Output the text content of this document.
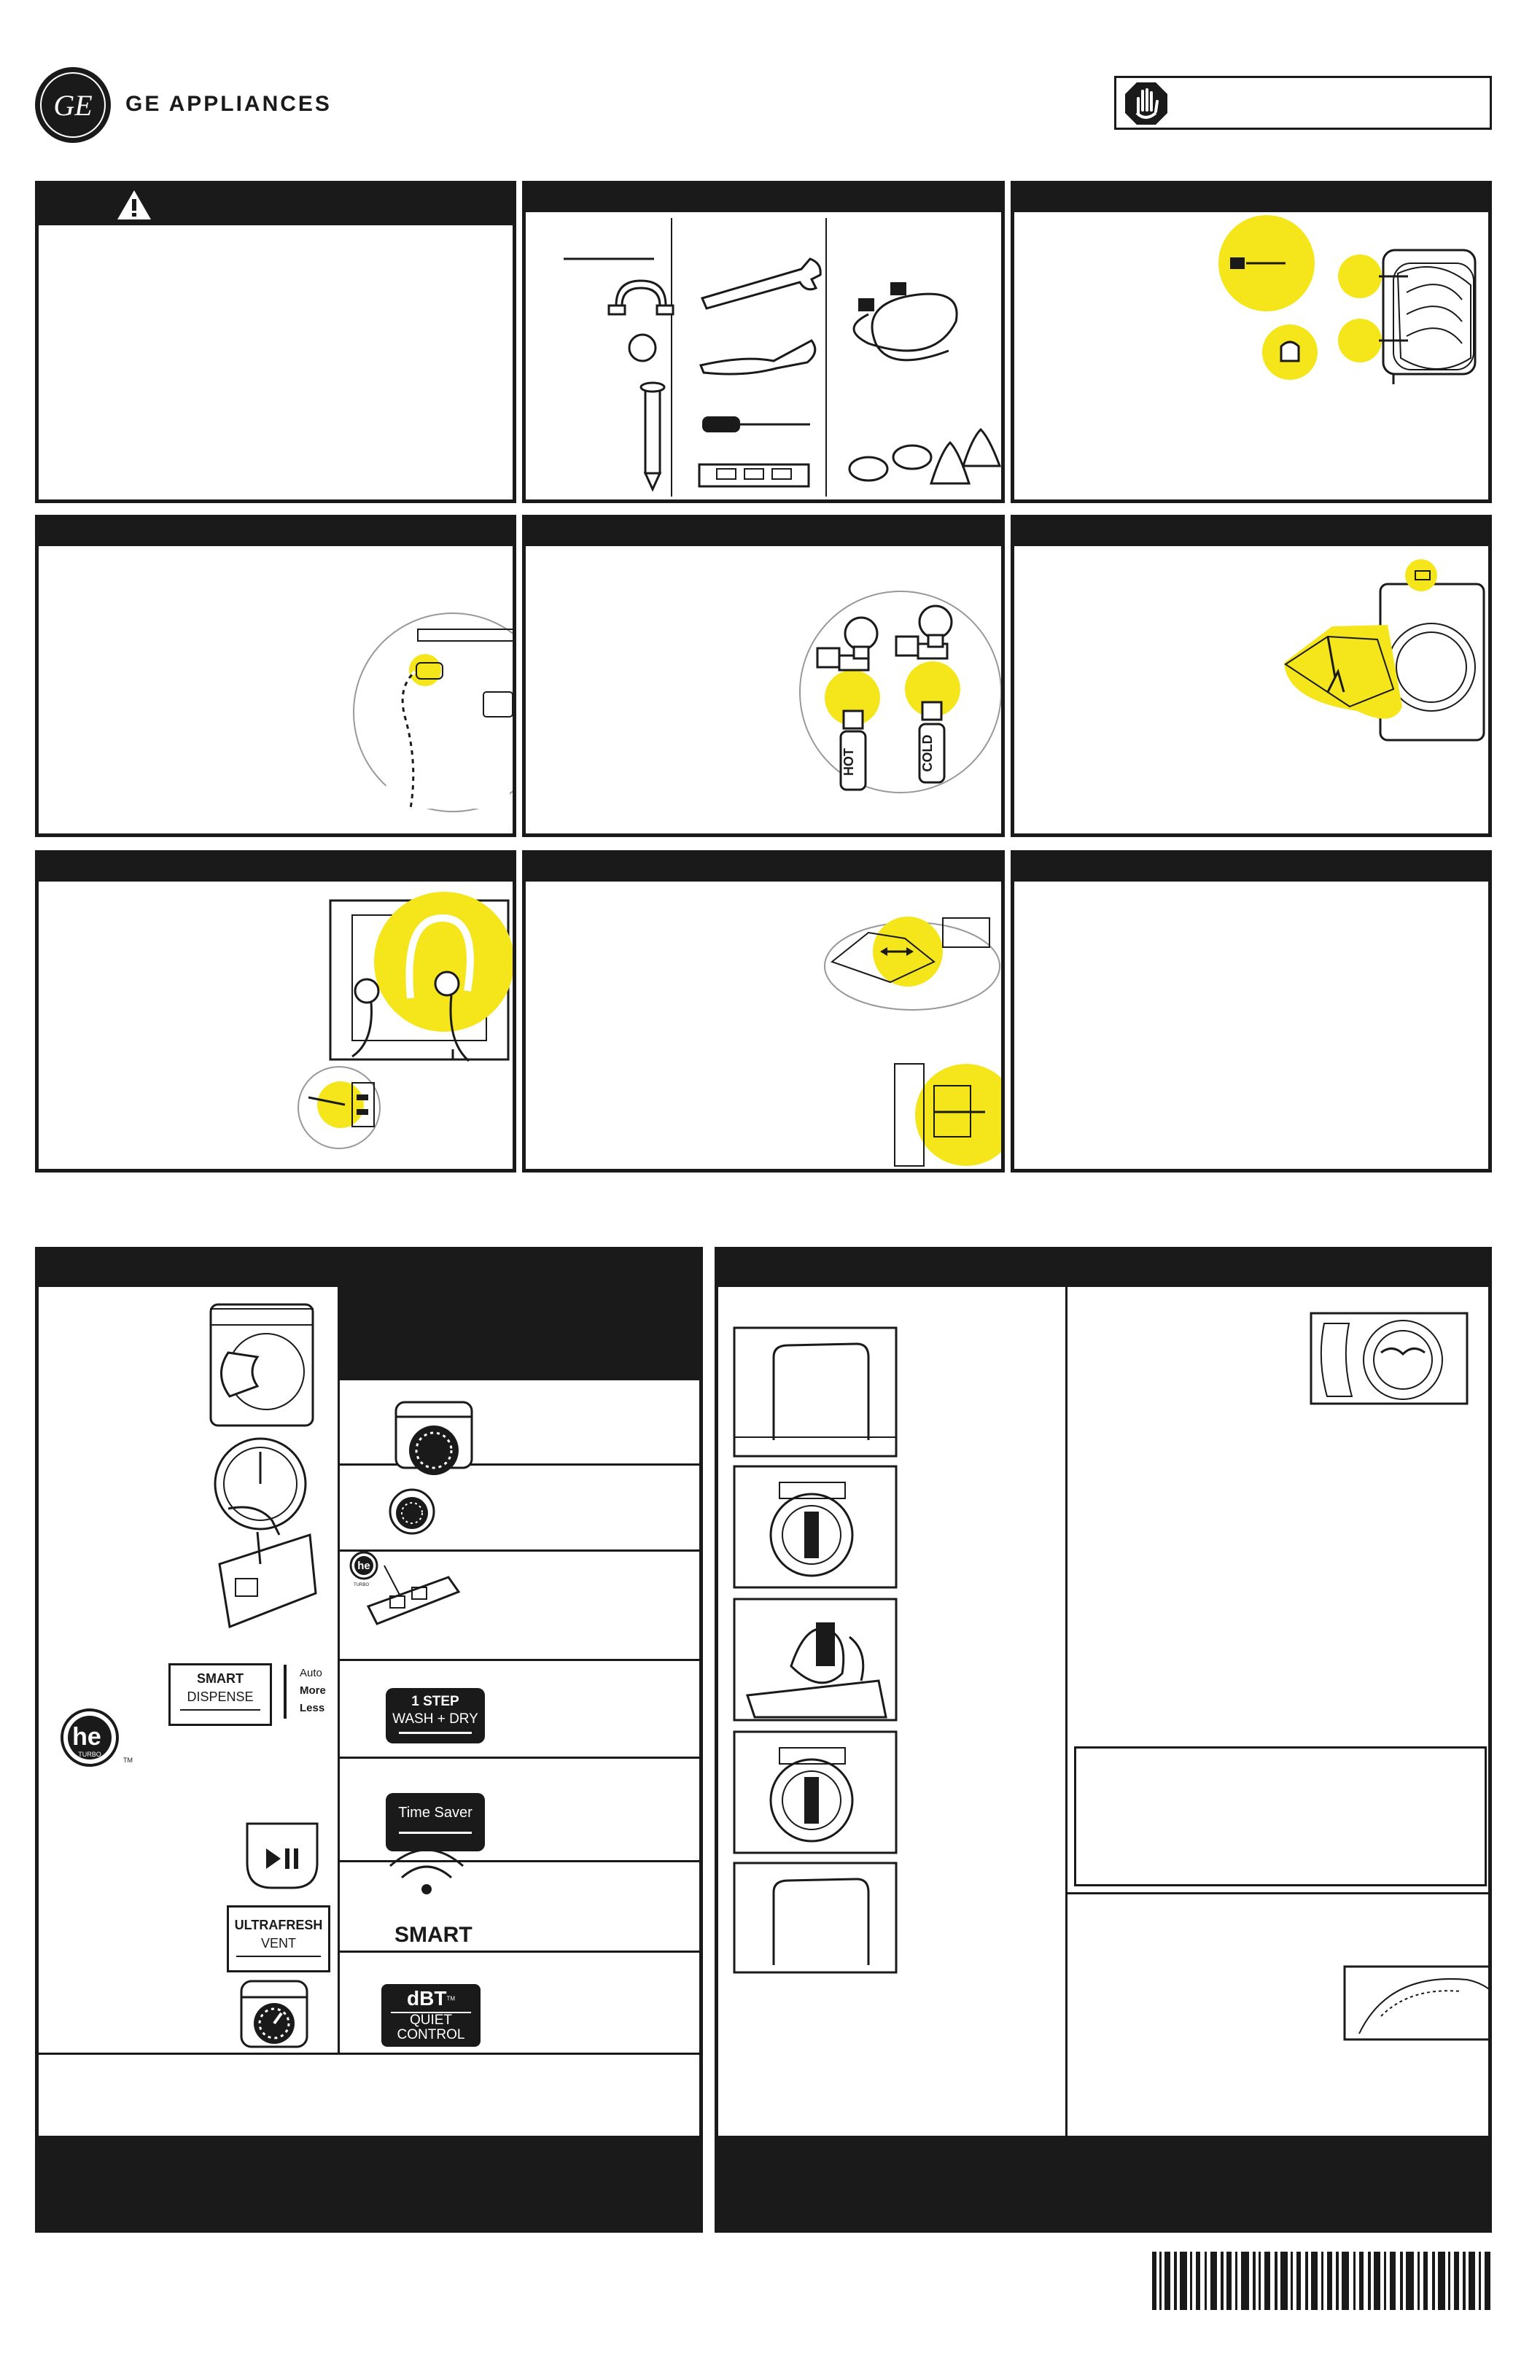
GE GE APPLIANCES
HOT	COLD
he
TURBO
TM
SMART
DISPENSE
Auto
More
Less
ULTRAFRESH
VENT
he
TURBO
1 STEP
WASH + DRY
Time Saver
SMART
dBT™
QUIET
CONTROL
